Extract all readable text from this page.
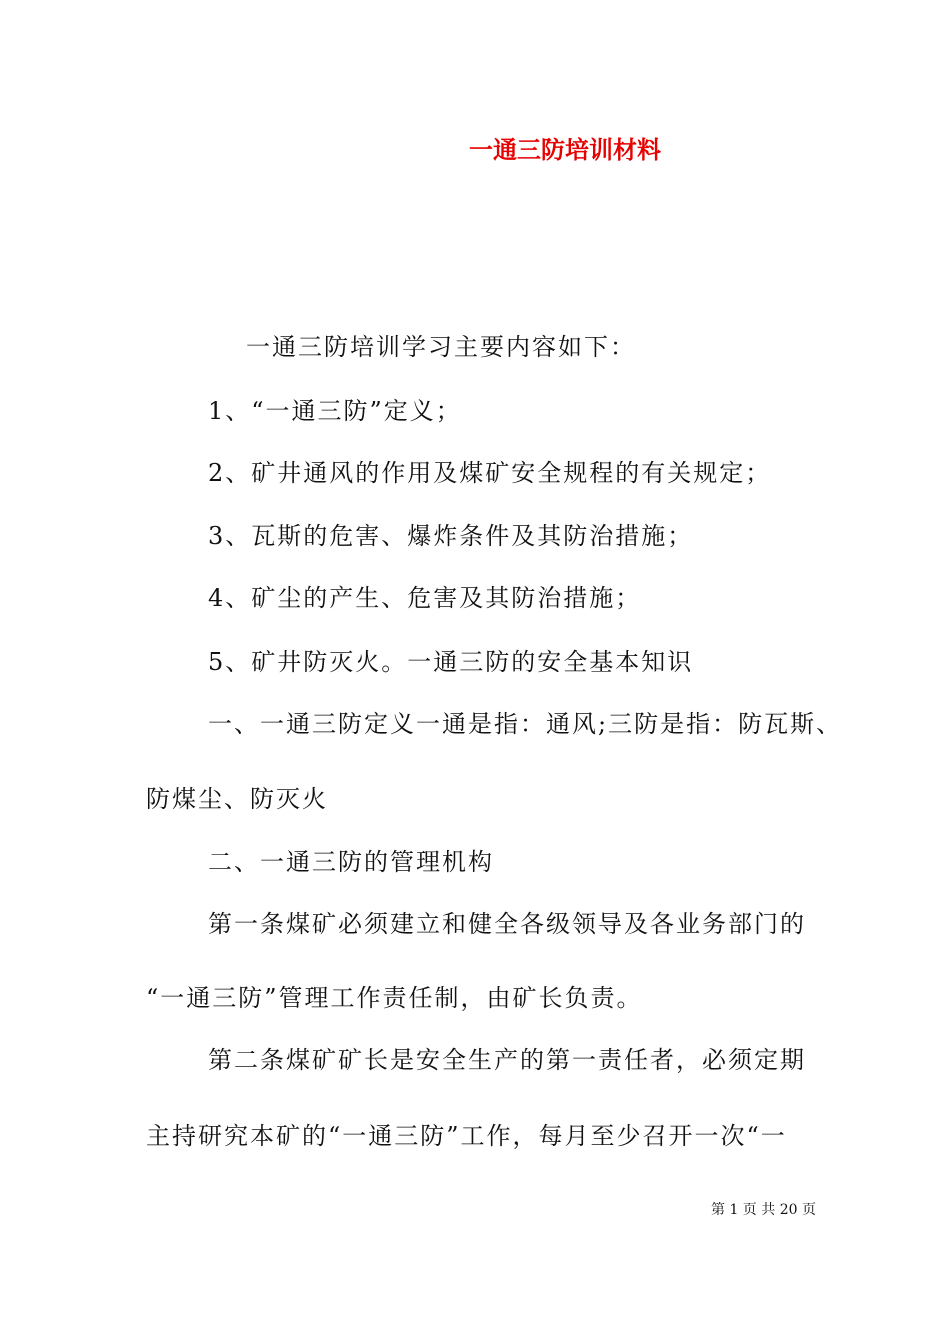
一通三防培训材料
一通三防培训学习主要内容如下：
1、“一通三防”定义；
2、矿井通风的作用及煤矿安全规程的有关规定；
3、瓦斯的危害、爆炸条件及其防治措施；
4、矿尘的产生、危害及其防治措施；
5、矿井防灭火。一通三防的安全基本知识
一、一通三防定义一通是指：通风;三防是指：防瓦斯、
防煤尘、防灭火
二、一通三防的管理机构
第一条煤矿必须建立和健全各级领导及各业务部门的
“一通三防”管理工作责任制，由矿长负责。
第二条煤矿矿长是安全生产的第一责任者，必须定期
主持研究本矿的“一通三防”工作，每月至少召开一次“一
第 1 页 共 20 页
